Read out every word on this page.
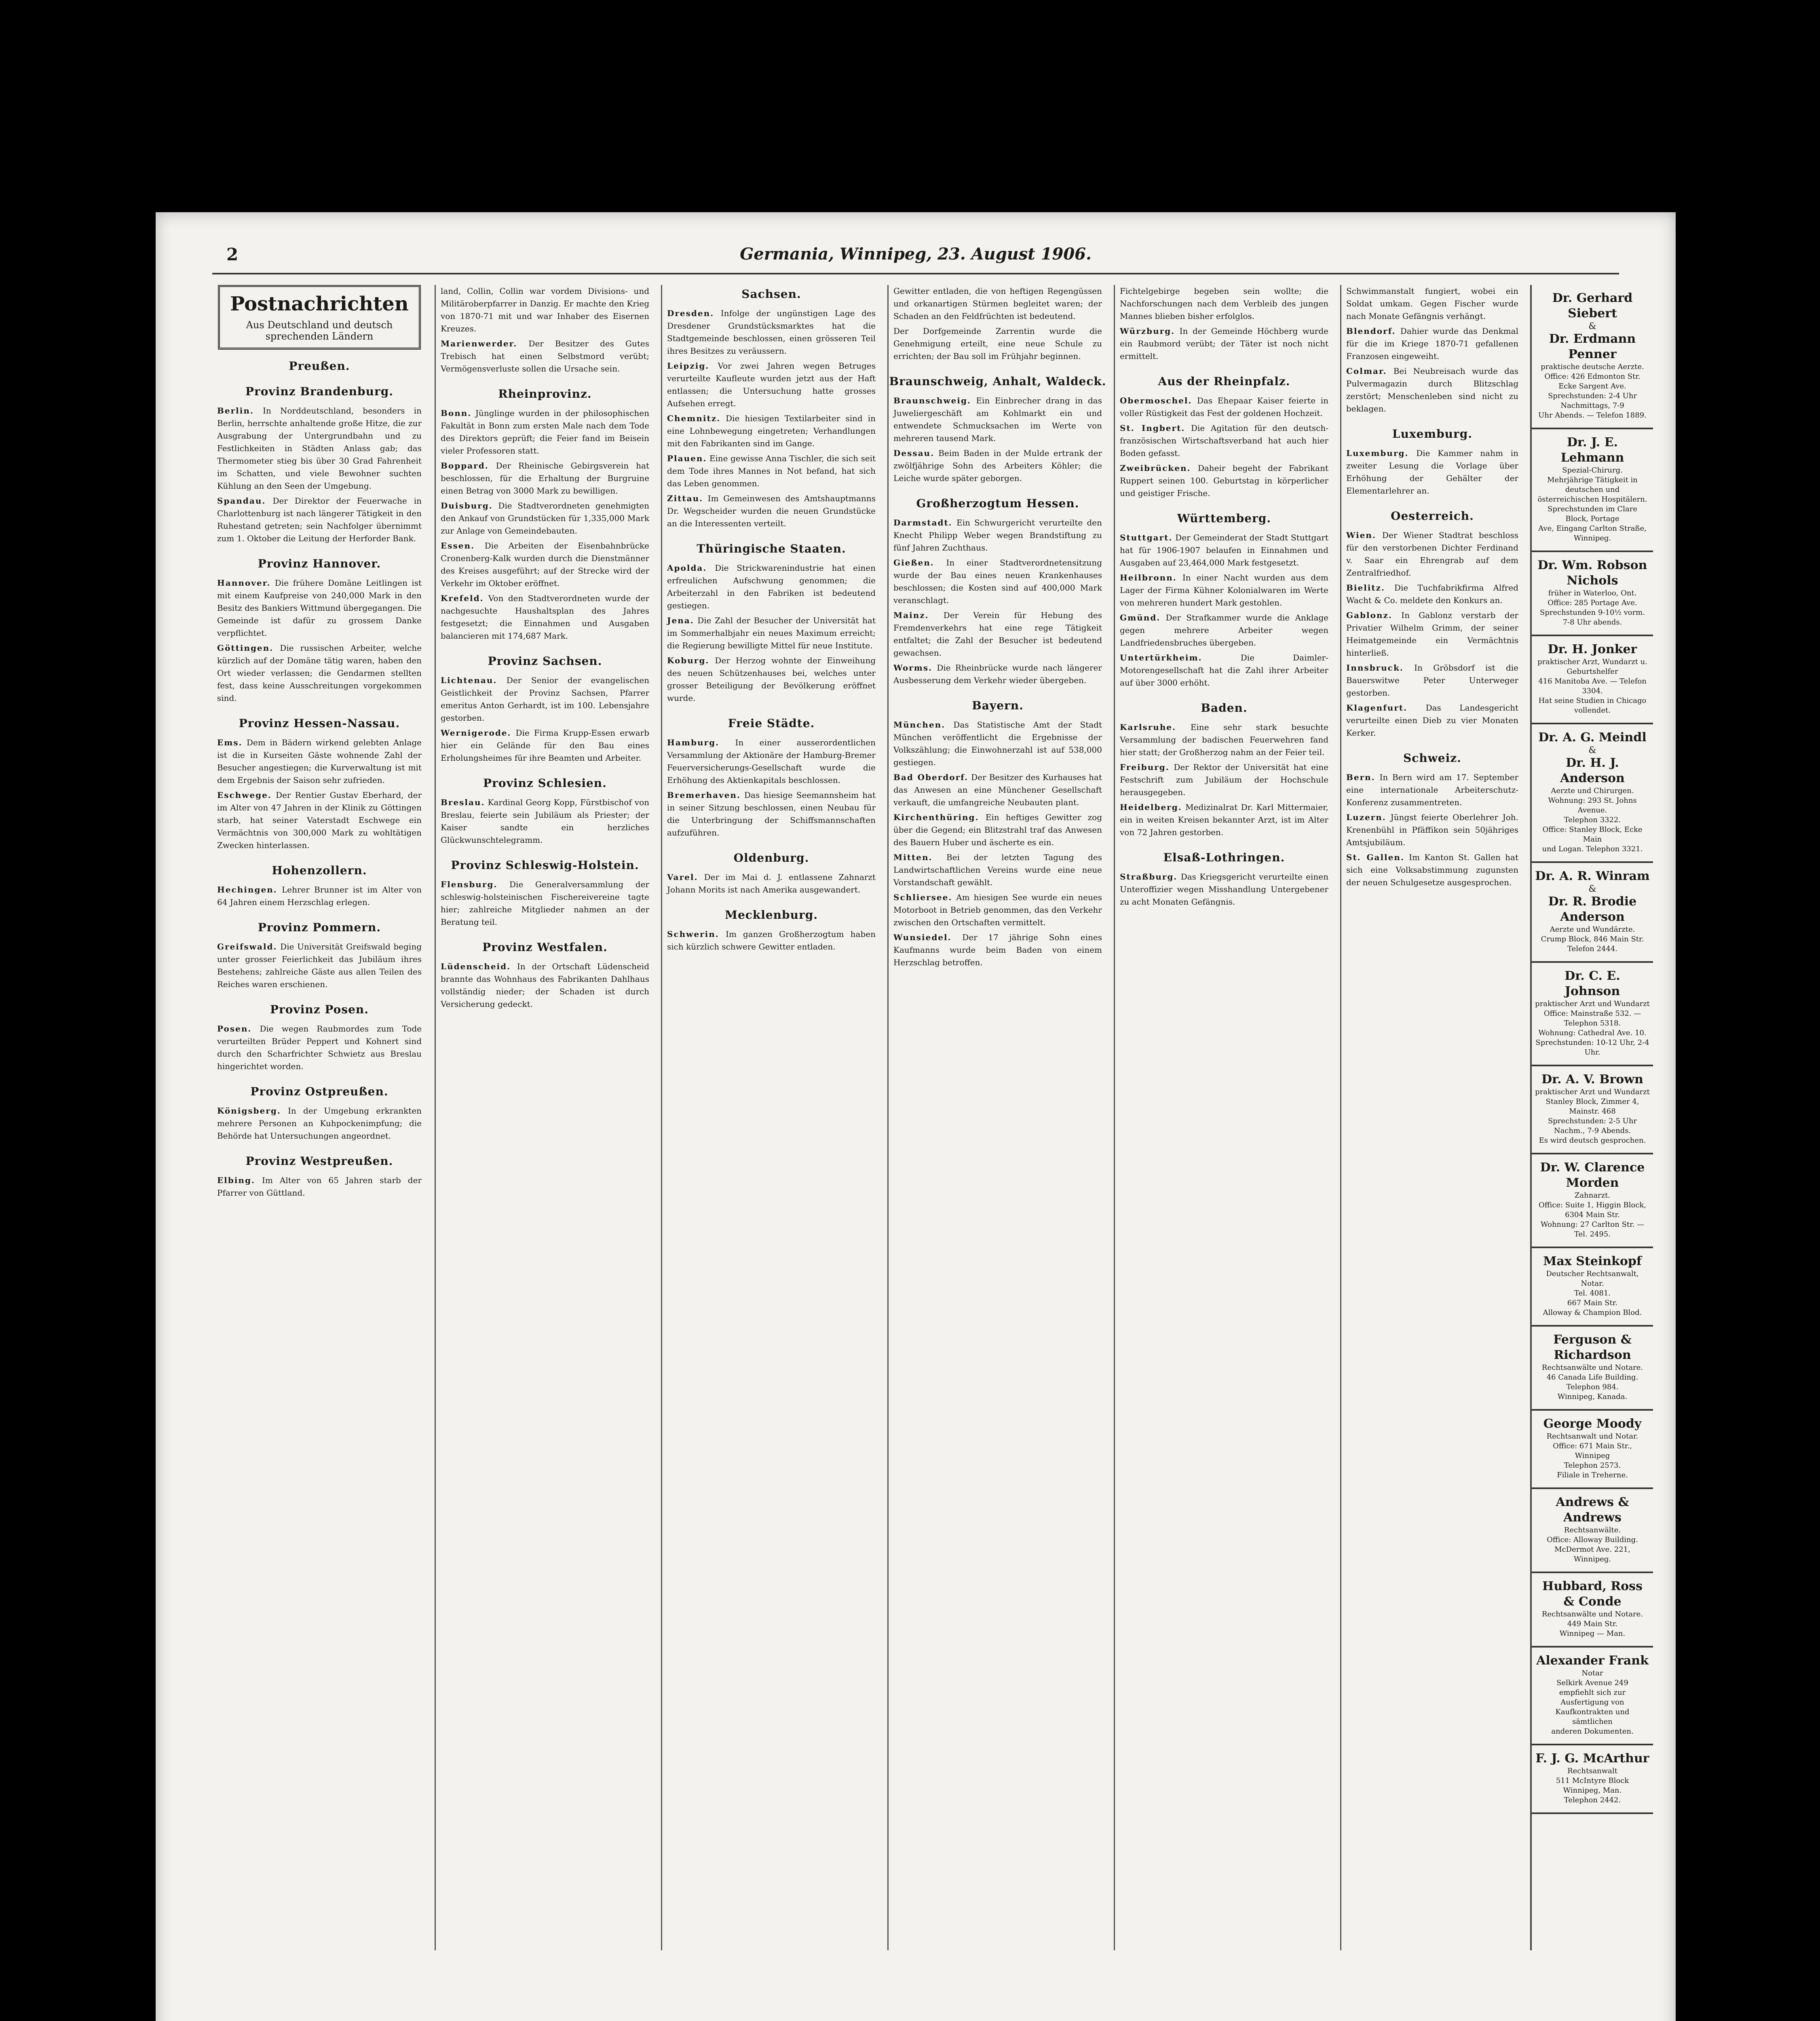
2	Germania, Winnipeg, 23. August 1906.
Postnachrichten
Aus Deutschland und deutsch sprechenden Ländern
Preußen.
Provinz Brandenburg.

Berlin. In Norddeutschland, besonders in Berlin, herrschte anhaltende große Hitze, die zur Ausgrabung der Untergrundbahn und zu Festlichkeiten in Städten Anlass gab; das Thermometer stieg bis über 30 Grad Fahrenheit im Schatten, und viele Bewohner suchten Kühlung an den Seen der Umgebung.

Spandau. Der Direktor der Feuerwache in Charlottenburg ist nach längerer Tätigkeit in den Ruhestand getreten; sein Nachfolger übernimmt zum 1. Oktober die Leitung der Herforder Bank.

Provinz Hannover.

Hannover. Die frühere Domäne Leitlingen ist mit einem Kaufpreise von 240,000 Mark in den Besitz des Bankiers Wittmund übergegangen. Die Gemeinde ist dafür zu grossem Danke verpflichtet.

Göttingen. Die russischen Arbeiter, welche kürzlich auf der Domäne tätig waren, haben den Ort wieder verlassen; die Gendarmen stellten fest, dass keine Ausschreitungen vorgekommen sind.

Provinz Hessen-Nassau.

Ems. Dem in Bädern wirkend gelebten Anlage ist die in Kurseiten Gäste wohnende Zahl der Besucher angestiegen; die Kurverwaltung ist mit dem Ergebnis der Saison sehr zufrieden.

Eschwege. Der Rentier Gustav Eberhard, der im Alter von 47 Jahren in der Klinik zu Göttingen starb, hat seiner Vaterstadt Eschwege ein Vermächtnis von 300,000 Mark zu wohltätigen Zwecken hinterlassen.

Hohenzollern.

Hechingen. Lehrer Brunner ist im Alter von 64 Jahren einem Herzschlag erlegen.

Provinz Pommern.

Greifswald. Die Universität Greifswald beging unter grosser Feierlichkeit das Jubiläum ihres Bestehens; zahlreiche Gäste aus allen Teilen des Reiches waren erschienen.

Provinz Posen.

Posen. Die wegen Raubmordes zum Tode verurteilten Brüder Peppert und Kohnert sind durch den Scharfrichter Schwietz aus Breslau hingerichtet worden.

Provinz Ostpreußen.

Königsberg. In der Umgebung erkrankten mehrere Personen an Kuhpockenimpfung; die Behörde hat Untersuchungen angeordnet.

Provinz Westpreußen.

Elbing. Im Alter von 65 Jahren starb der Pfarrer von Güttland.

land, Collin, Collin war vordem Divisions- und Militäroberpfarrer in Danzig. Er machte den Krieg von 1870-71 mit und war Inhaber des Eisernen Kreuzes.

Marienwerder. Der Besitzer des Gutes Trebisch hat einen Selbstmord verübt; Vermögensverluste sollen die Ursache sein.

Rheinprovinz.

Bonn. Jünglinge wurden in der philosophischen Fakultät in Bonn zum ersten Male nach dem Tode des Direktors geprüft; die Feier fand im Beisein vieler Professoren statt.

Boppard. Der Rheinische Gebirgsverein hat beschlossen, für die Erhaltung der Burgruine einen Betrag von 3000 Mark zu bewilligen.

Duisburg. Die Stadtverordneten genehmigten den Ankauf von Grundstücken für 1,335,000 Mark zur Anlage von Gemeindebauten.

Essen. Die Arbeiten der Eisenbahnbrücke Cronenberg-Kalk wurden durch die Dienstmänner des Kreises ausgeführt; auf der Strecke wird der Verkehr im Oktober eröffnet.

Krefeld. Von den Stadtverordneten wurde der nachgesuchte Haushaltsplan des Jahres festgesetzt; die Einnahmen und Ausgaben balancieren mit 174,687 Mark.

Provinz Sachsen.

Lichtenau. Der Senior der evangelischen Geistlichkeit der Provinz Sachsen, Pfarrer emeritus Anton Gerhardt, ist im 100. Lebensjahre gestorben.

Wernigerode. Die Firma Krupp-Essen erwarb hier ein Gelände für den Bau eines Erholungsheimes für ihre Beamten und Arbeiter.

Provinz Schlesien.

Breslau. Kardinal Georg Kopp, Fürstbischof von Breslau, feierte sein Jubiläum als Priester; der Kaiser sandte ein herzliches Glückwunschtelegramm.

Provinz Schleswig-Holstein.

Flensburg. Die Generalversammlung der schleswig-holsteinischen Fischereivereine tagte hier; zahlreiche Mitglieder nahmen an der Beratung teil.

Provinz Westfalen.

Lüdenscheid. In der Ortschaft Lüdenscheid brannte das Wohnhaus des Fabrikanten Dahlhaus vollständig nieder; der Schaden ist durch Versicherung gedeckt.

Sachsen.

Dresden. Infolge der ungünstigen Lage des Dresdener Grundstücksmarktes hat die Stadtgemeinde beschlossen, einen grösseren Teil ihres Besitzes zu veräussern.

Leipzig. Vor zwei Jahren wegen Betruges verurteilte Kaufleute wurden jetzt aus der Haft entlassen; die Untersuchung hatte grosses Aufsehen erregt.

Chemnitz. Die hiesigen Textilarbeiter sind in eine Lohnbewegung eingetreten; Verhandlungen mit den Fabrikanten sind im Gange.

Plauen. Eine gewisse Anna Tischler, die sich seit dem Tode ihres Mannes in Not befand, hat sich das Leben genommen.

Zittau. Im Gemeinwesen des Amtshauptmanns Dr. Wegscheider wurden die neuen Grundstücke an die Interessenten verteilt.

Thüringische Staaten.

Apolda. Die Strickwarenindustrie hat einen erfreulichen Aufschwung genommen; die Arbeiterzahl in den Fabriken ist bedeutend gestiegen.

Jena. Die Zahl der Besucher der Universität hat im Sommerhalbjahr ein neues Maximum erreicht; die Regierung bewilligte Mittel für neue Institute.

Koburg. Der Herzog wohnte der Einweihung des neuen Schützenhauses bei, welches unter grosser Beteiligung der Bevölkerung eröffnet wurde.

Freie Städte.

Hamburg. In einer ausserordentlichen Versammlung der Aktionäre der Hamburg-Bremer Feuerversicherungs-Gesellschaft wurde die Erhöhung des Aktienkapitals beschlossen.

Bremerhaven. Das hiesige Seemannsheim hat in seiner Sitzung beschlossen, einen Neubau für die Unterbringung der Schiffsmannschaften aufzuführen.

Oldenburg.

Varel. Der im Mai d. J. entlassene Zahnarzt Johann Morits ist nach Amerika ausgewandert.

Mecklenburg.

Schwerin. Im ganzen Großherzogtum haben sich kürzlich schwere Gewitter entladen.

Gewitter entladen, die von heftigen Regengüssen und orkanartigen Stürmen begleitet waren; der Schaden an den Feldfrüchten ist bedeutend.

Der Dorfgemeinde Zarrentin wurde die Genehmigung erteilt, eine neue Schule zu errichten; der Bau soll im Frühjahr beginnen.

Braunschweig, Anhalt, Waldeck.

Braunschweig. Ein Einbrecher drang in das Juweliergeschäft am Kohlmarkt ein und entwendete Schmucksachen im Werte von mehreren tausend Mark.

Dessau. Beim Baden in der Mulde ertrank der zwölfjährige Sohn des Arbeiters Köhler; die Leiche wurde später geborgen.

Großherzogtum Hessen.

Darmstadt. Ein Schwurgericht verurteilte den Knecht Philipp Weber wegen Brandstiftung zu fünf Jahren Zuchthaus.

Gießen. In einer Stadtverordnetensitzung wurde der Bau eines neuen Krankenhauses beschlossen; die Kosten sind auf 400,000 Mark veranschlagt.

Mainz. Der Verein für Hebung des Fremdenverkehrs hat eine rege Tätigkeit entfaltet; die Zahl der Besucher ist bedeutend gewachsen.

Worms. Die Rheinbrücke wurde nach längerer Ausbesserung dem Verkehr wieder übergeben.

Bayern.

München. Das Statistische Amt der Stadt München veröffentlicht die Ergebnisse der Volkszählung; die Einwohnerzahl ist auf 538,000 gestiegen.

Bad Oberdorf. Der Besitzer des Kurhauses hat das Anwesen an eine Münchener Gesellschaft verkauft, die umfangreiche Neubauten plant.

Kirchenthüring. Ein heftiges Gewitter zog über die Gegend; ein Blitzstrahl traf das Anwesen des Bauern Huber und äscherte es ein.

Mitten. Bei der letzten Tagung des Landwirtschaftlichen Vereins wurde eine neue Vorstandschaft gewählt.

Schliersee. Am hiesigen See wurde ein neues Motorboot in Betrieb genommen, das den Verkehr zwischen den Ortschaften vermittelt.

Wunsiedel. Der 17 jährige Sohn eines Kaufmanns wurde beim Baden von einem Herzschlag betroffen.

Fichtelgebirge begeben sein wollte; die Nachforschungen nach dem Verbleib des jungen Mannes blieben bisher erfolglos.

Würzburg. In der Gemeinde Höchberg wurde ein Raubmord verübt; der Täter ist noch nicht ermittelt.

Aus der Rheinpfalz.

Obermoschel. Das Ehepaar Kaiser feierte in voller Rüstigkeit das Fest der goldenen Hochzeit.

St. Ingbert. Die Agitation für den deutsch-französischen Wirtschaftsverband hat auch hier Boden gefasst.

Zweibrücken. Daheir begeht der Fabrikant Ruppert seinen 100. Geburtstag in körperlicher und geistiger Frische.

Württemberg.

Stuttgart. Der Gemeinderat der Stadt Stuttgart hat für 1906-1907 belaufen in Einnahmen und Ausgaben auf 23,464,000 Mark festgesetzt.

Heilbronn. In einer Nacht wurden aus dem Lager der Firma Kühner Kolonialwaren im Werte von mehreren hundert Mark gestohlen.

Gmünd. Der Strafkammer wurde die Anklage gegen mehrere Arbeiter wegen Landfriedensbruches übergeben.

Untertürkheim.	Die Daimler-Motorengesellschaft hat die Zahl ihrer Arbeiter auf über 3000 erhöht.

Baden.

Karlsruhe. Eine sehr stark besuchte Versammlung der badischen Feuerwehren fand hier statt; der Großherzog nahm an der Feier teil.

Freiburg. Der Rektor der Universität hat eine Festschrift zum Jubiläum der Hochschule herausgegeben.

Heidelberg. Medizinalrat Dr. Karl Mittermaier, ein in weiten Kreisen bekannter Arzt, ist im Alter von 72 Jahren gestorben.

Elsaß-Lothringen.

Straßburg. Das Kriegsgericht verurteilte einen Unteroffizier wegen Misshandlung Untergebener zu acht Monaten Gefängnis.

Schwimmanstalt fungiert, wobei ein Soldat umkam. Gegen Fischer wurde nach Monate Gefängnis verhängt.

Blendorf. Dahier wurde das Denkmal für die im Kriege 1870-71 gefallenen Franzosen eingeweiht.

Colmar. Bei Neubreisach wurde das Pulvermagazin durch Blitzschlag zerstört; Menschenleben sind nicht zu beklagen.

Luxemburg.

Luxemburg. Die Kammer nahm in zweiter Lesung die Vorlage über Erhöhung der Gehälter der Elementarlehrer an.

Oesterreich.

Wien. Der Wiener Stadtrat beschloss für den verstorbenen Dichter Ferdinand v. Saar ein Ehrengrab auf dem Zentralfriedhof.

Bielitz. Die Tuchfabrikfirma Alfred Wacht & Co. meldete den Konkurs an.

Gablonz. In Gablonz verstarb der Privatier Wilhelm Grimm, der seiner Heimatgemeinde ein Vermächtnis hinterließ.

Innsbruck. In Gröbsdorf ist die Bauerswitwe Peter Unterweger gestorben.

Klagenfurt. Das Landesgericht verurteilte einen Dieb zu vier Monaten Kerker.

Schweiz.

Bern. In Bern wird am 17. September eine internationale Arbeiterschutz-Konferenz zusammentreten.

Luzern. Jüngst feierte Oberlehrer Joh. Krenenbühl in Pfäffikon sein 50jähriges Amtsjubiläum.

St. Gallen. Im Kanton St. Gallen hat sich eine Volksabstimmung zugunsten der neuen Schulgesetze ausgesprochen.

Dr. Gerhard Siebert
&
Dr. Erdmann Penner
praktische deutsche Aerzte.
Office: 426 Edmonton Str.
Ecke Sargent Ave.
Sprechstunden: 2-4 Uhr Nachmittags, 7-9
Uhr Abends. — Telefon 1889.
Dr. J. E. Lehmann
Spezial-Chirurg.
Mehrjährige Tätigkeit in deutschen und
österreichischen Hospitälern.
Sprechstunden im Clare Block, Portage
Ave, Eingang Carlton Straße, Winnipeg.
Dr. Wm. Robson Nichols
früher in Waterloo, Ont.
Office: 285 Portage Ave.
Sprechstunden 9-10½ vorm.
7-8 Uhr abends.
Dr. H. Jonker
praktischer Arzt, Wundarzt u. Geburtshelfer
416 Manitoba Ave. — Telefon 3304.
Hat seine Studien in Chicago
vollendet.
Dr. A. G. Meindl
&
Dr. H. J. Anderson
Aerzte und Chirurgen.
Wohnung: 293 St. Johns Avenue.
Telephon 3322.
Office: Stanley Block, Ecke Main
und Logan. Telephon 3321.
Dr. A. R. Winram
&
Dr. R. Brodie Anderson
Aerzte und Wundärzte.
Crump Block, 846 Main Str.
Telefon 2444.
Dr. C. E. Johnson
praktischer Arzt und Wundarzt
Office: Mainstraße 532. — Telephon 5318.
Wohnung: Cathedral Ave. 10.
Sprechstunden: 10-12 Uhr, 2-4 Uhr.
Dr. A. V. Brown
praktischer Arzt und Wundarzt
Stanley Block, Zimmer 4, Mainstr. 468
Sprechstunden: 2-5 Uhr Nachm., 7-9 Abends.
Es wird deutsch gesprochen.
Dr. W. Clarence Morden
Zahnarzt.
Office: Suite 1, Higgin Block, 6304 Main Str.
Wohnung: 27 Carlton Str. — Tel. 2495.
Max Steinkopf
Deutscher Rechtsanwalt, Notar.
Tel. 4081.
667 Main Str.
Alloway & Champion Blod.
Ferguson & Richardson
Rechtsanwälte und Notare.
46 Canada Life Building.
Telephon 984.
Winnipeg, Kanada.
George Moody
Rechtsanwalt und Notar.
Office: 671 Main Str., Winnipeg
Telephon 2573.
Filiale in Treherne.
Andrews & Andrews
Rechtsanwälte.
Office: Alloway Building.
McDermot Ave. 221, Winnipeg.
Hubbard, Ross & Conde
Rechtsanwälte und Notare.
449 Main Str.
Winnipeg — Man.
Alexander Frank
Notar
Selkirk Avenue 249
empfiehlt sich zur Ausfertigung von
Kaufkontrakten und sämtlichen
anderen Dokumenten.
F. J. G. McArthur
Rechtsanwalt
511 McIntyre Block
Winnipeg, Man.
Telephon 2442.
